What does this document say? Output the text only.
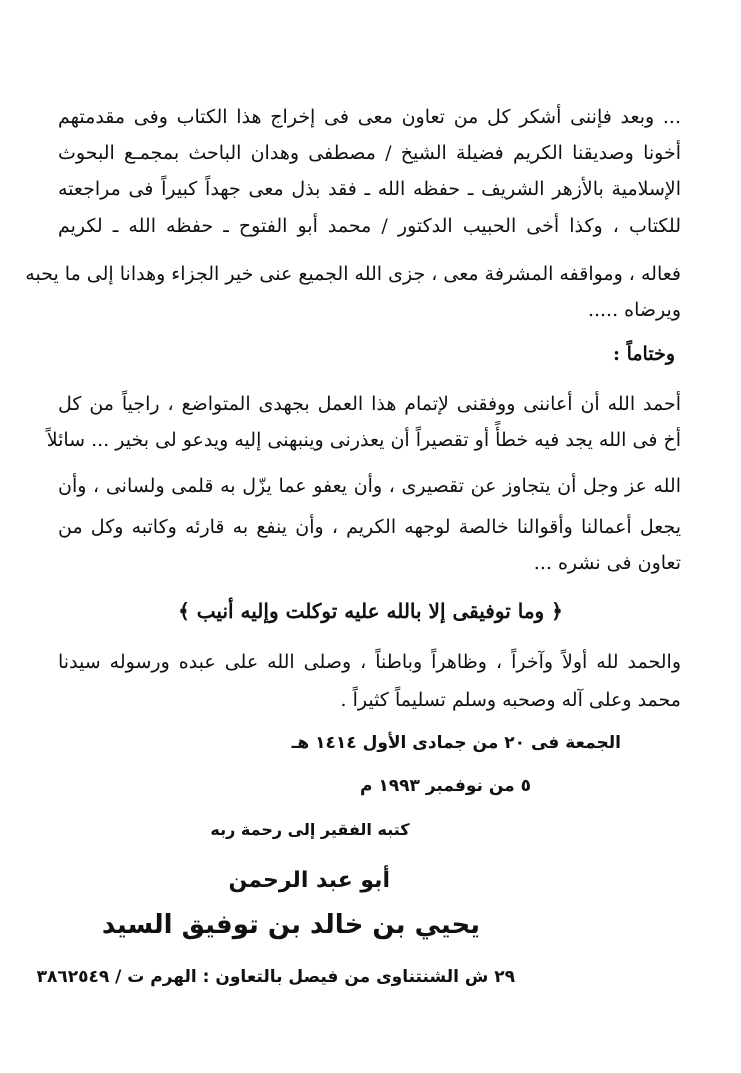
... وبعد فإننى أشكر كل من تعاون معى فى إخراج هذا الكتاب وفى مقدمتهم
أخونا وصديقنا الكريم فضيلة الشيخ / مصطفى وهدان الباحث بمجمـع البحوث
الإسلامية بالأزهر الشريف ـ حفظه الله ـ فقد بذل معى جهداً كبيراً فى مراجعته
للكتاب ، وكذا أخى الحبيب الدكتور / محمد أبو الفتوح ـ حفظه الله ـ لكريم
فعاله ، ومواقفه المشرفة معى ، جزى الله الجميع عنى خير الجزاء وهدانا إلى ما يحبه
ويرضاه .....
وختاماً :
أحمد الله أن أعاننى ووفقنى لإتمام هذا العمل بجهدى المتواضع ، راجياً من كل
أخ فى الله يجد فيه خطأً أو تقصيراً أن يعذرنى وينبهنى إليه ويدعو لى بخير ... سائلاً
الله عز وجل أن يتجاوز عن تقصيرى ، وأن يعفو عما يزّل به قلمى ولسانى ، وأن
يجعل أعمالنا وأقوالنا خالصة لوجهه الكريم ، وأن ينفع به قارئه وكاتبه وكل من
تعاون فى نشره ...
﴿ وما توفيقى إلا بالله عليه توكلت وإليه أنيب ﴾
والحمد لله أولاً وآخراً ، وظاهراً وباطناً ، وصلى الله على عبده ورسوله سيدنا
محمد وعلى آله وصحبه وسلم تسليماً كثيراً .
الجمعة فى ٢٠ من جمادى الأول ١٤١٤ هـ
٥ من نوفمبر ١٩٩٣ م
كتبه الفقير إلى رحمة ربه
أبو عبد الرحمن
يحيي بن خالد بن توفيق السيد
٢٩ ش الشنتناوى من فيصل بالتعاون : الهرم ت / ٣٨٦٢٥٤٩
